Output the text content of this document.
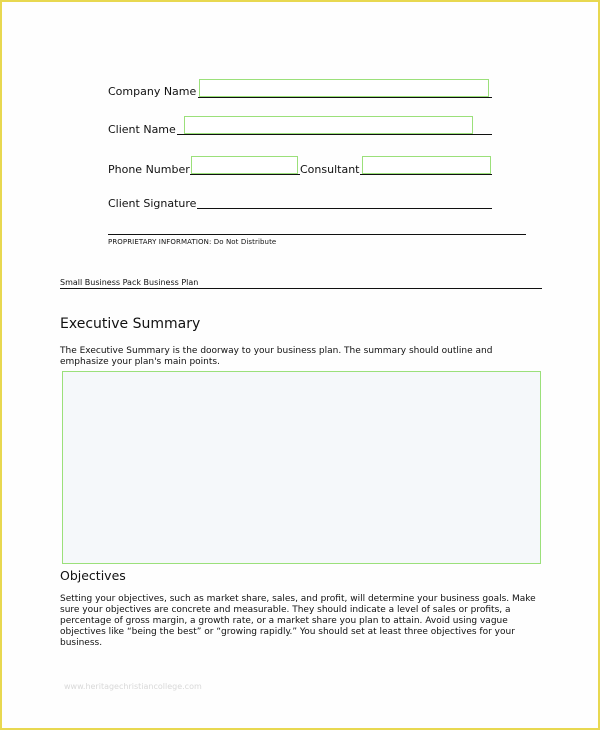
Company Name
Client Name
Phone Number	Consultant
Client Signature
PROPRIETARY INFORMATION: Do Not Distribute
Small Business Pack Business Plan
Executive Summary
The Executive Summary is the doorway to your business plan. The summary should outline and
emphasize your plan's main points.
Objectives
Setting your objectives, such as market share, sales, and profit, will determine your business goals. Make
sure your objectives are concrete and measurable. They should indicate a level of sales or profits, a
percentage of gross margin, a growth rate, or a market share you plan to attain. Avoid using vague
objectives like “being the best” or “growing rapidly.” You should set at least three objectives for your
business.
www.heritagechristiancollege.com
